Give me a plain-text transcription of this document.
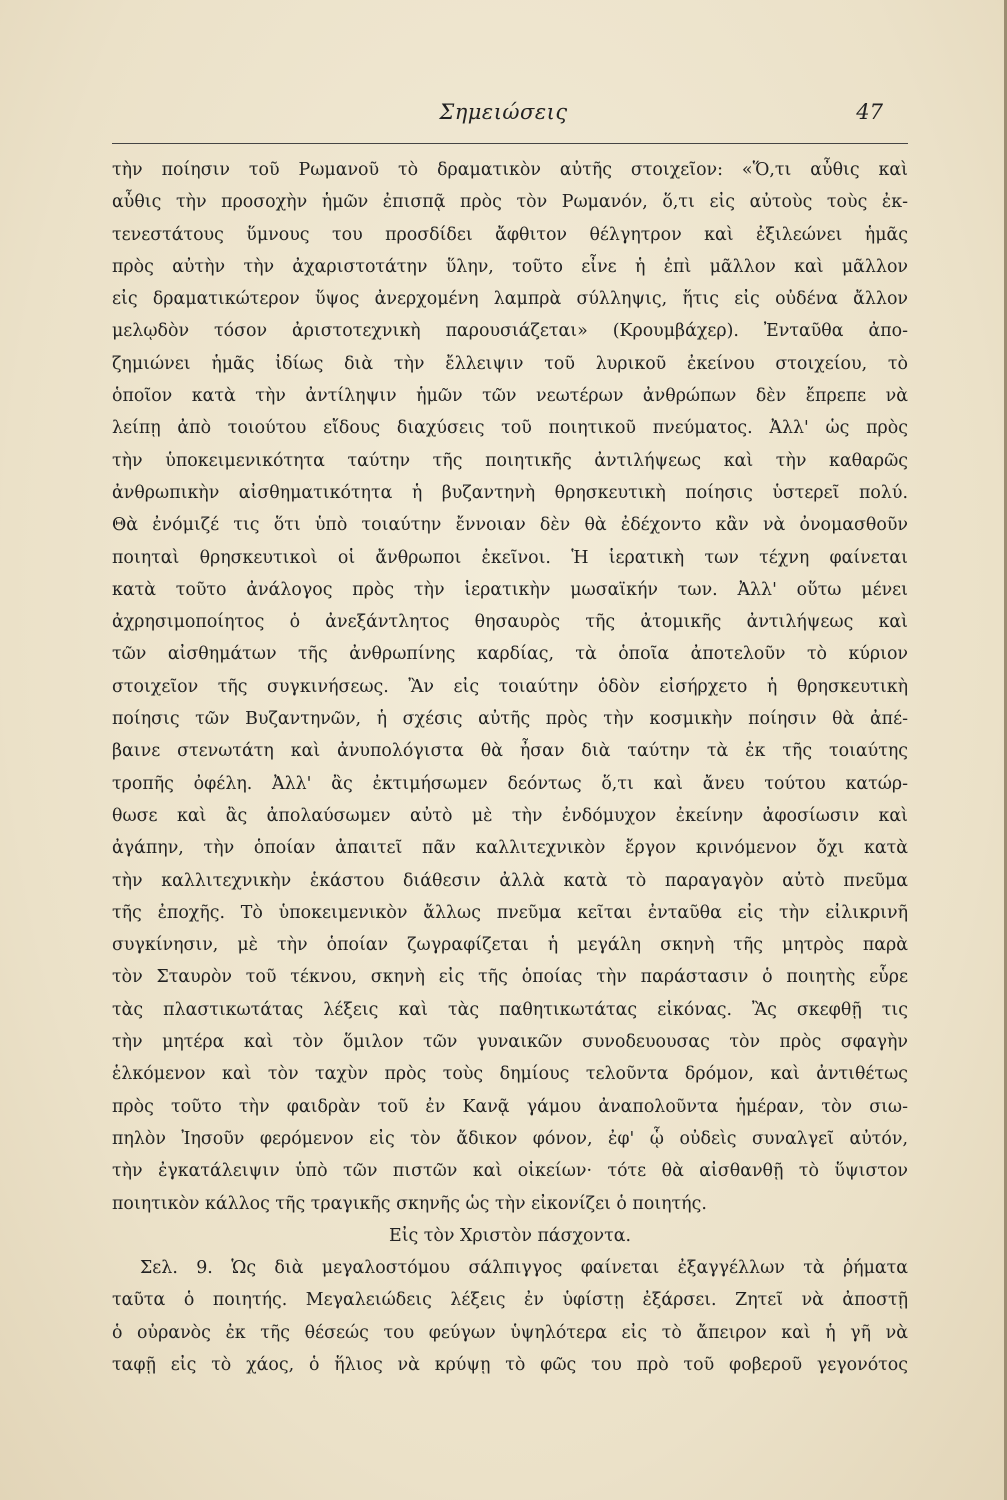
Σημειώσεις	47
τὴν ποίησιν τοῦ Ρωμανοῦ τὸ δραματικὸν αὐτῆς στοιχεῖον: «Ὅ,τι αὖθις καὶ
αὖθις τὴν προσοχὴν ἡμῶν ἐπισπᾷ πρὸς τὸν Ρωμανόν, ὅ,τι εἰς αὐτοὺς τοὺς ἐκ-
τενεστάτους ὕμνους του προσδίδει ἄφθιτον θέλγητρον καὶ ἐξιλεώνει ἡμᾶς
πρὸς αὐτὴν τὴν ἀχαριστοτάτην ὕλην, τοῦτο εἶνε ἡ ἐπὶ μᾶλλον καὶ μᾶλλον
εἰς δραματικώτερον ὕψος ἀνερχομένη λαμπρὰ σύλληψις, ἥτις εἰς οὐδένα ἄλλον
μελῳδὸν τόσον ἀριστοτεχνικὴ παρουσιάζεται» (Κρουμβάχερ). Ἐνταῦθα ἀπο-
ζημιώνει ἡμᾶς ἰδίως διὰ τὴν ἔλλειψιν τοῦ λυρικοῦ ἐκείνου στοιχείου, τὸ
ὁποῖον κατὰ τὴν ἀντίληψιν ἡμῶν τῶν νεωτέρων ἀνθρώπων δὲν ἔπρεπε νὰ
λείπῃ ἀπὸ τοιούτου εἴδους διαχύσεις τοῦ ποιητικοῦ πνεύματος. Ἀλλ' ὡς πρὸς
τὴν ὑποκειμενικότητα ταύτην τῆς ποιητικῆς ἀντιλήψεως καὶ τὴν καθαρῶς
ἀνθρωπικὴν αἰσθηματικότητα ἡ βυζαντηνὴ θρησκευτικὴ ποίησις ὑστερεῖ πολύ.
Θὰ ἐνόμιζέ τις ὅτι ὑπὸ τοιαύτην ἔννοιαν δὲν θὰ ἐδέχοντο κἂν νὰ ὀνομασθοῦν
ποιηταὶ θρησκευτικοὶ οἱ ἄνθρωποι ἐκεῖνοι. Ἡ ἱερατικὴ των τέχνη φαίνεται
κατὰ τοῦτο ἀνάλογος πρὸς τὴν ἱερατικὴν μωσαϊκήν των. Ἀλλ' οὕτω μένει
ἀχρησιμοποίητος ὁ ἀνεξάντλητος θησαυρὸς τῆς ἀτομικῆς ἀντιλήψεως καὶ
τῶν αἰσθημάτων τῆς ἀνθρωπίνης καρδίας, τὰ ὁποῖα ἀποτελοῦν τὸ κύριον
στοιχεῖον τῆς συγκινήσεως. Ἂν εἰς τοιαύτην ὁδὸν εἰσήρχετο ἡ θρησκευτικὴ
ποίησις τῶν Βυζαντηνῶν, ἡ σχέσις αὐτῆς πρὸς τὴν κοσμικὴν ποίησιν θὰ ἀπέ-
βαινε στενωτάτη καὶ ἀνυπολόγιστα θὰ ἦσαν διὰ ταύτην τὰ ἐκ τῆς τοιαύτης
τροπῆς ὀφέλη. Ἀλλ' ἂς ἐκτιμήσωμεν δεόντως ὅ,τι καὶ ἄνευ τούτου κατώρ-
θωσε καὶ ἂς ἀπολαύσωμεν αὐτὸ μὲ τὴν ἐνδόμυχον ἐκείνην ἀφοσίωσιν καὶ
ἀγάπην, τὴν ὁποίαν ἀπαιτεῖ πᾶν καλλιτεχνικὸν ἔργον κρινόμενον ὄχι κατὰ
τὴν καλλιτεχνικὴν ἑκάστου διάθεσιν ἀλλὰ κατὰ τὸ παραγαγὸν αὐτὸ πνεῦμα
τῆς ἐποχῆς. Τὸ ὑποκειμενικὸν ἄλλως πνεῦμα κεῖται ἐνταῦθα εἰς τὴν εἰλικρινῆ
συγκίνησιν, μὲ τὴν ὁποίαν ζωγραφίζεται ἡ μεγάλη σκηνὴ τῆς μητρὸς παρὰ
τὸν Σταυρὸν τοῦ τέκνου, σκηνὴ εἰς τῆς ὁποίας τὴν παράστασιν ὁ ποιητὴς εὗρε
τὰς πλαστικωτάτας λέξεις καὶ τὰς παθητικωτάτας εἰκόνας. Ἂς σκεφθῇ τις
τὴν μητέρα καὶ τὸν ὅμιλον τῶν γυναικῶν συνοδευουσας τὸν πρὸς σφαγὴν
ἑλκόμενον καὶ τὸν ταχὺν πρὸς τοὺς δημίους τελοῦντα δρόμον, καὶ ἀντιθέτως
πρὸς τοῦτο τὴν φαιδρὰν τοῦ ἐν Κανᾷ γάμου ἀναπολοῦντα ἡμέραν, τὸν σιω-
πηλὸν Ἰησοῦν φερόμενον εἰς τὸν ἄδικον φόνον, ἐφ' ᾧ οὐδεὶς συναλγεῖ αὐτόν,
τὴν ἐγκατάλειψιν ὑπὸ τῶν πιστῶν καὶ οἰκείων· τότε θὰ αἰσθανθῇ τὸ ὕψιστον
ποιητικὸν κάλλος τῆς τραγικῆς σκηνῆς ὡς τὴν εἰκονίζει ὁ ποιητής.
Εἰς τὸν Χριστὸν πάσχοντα.
Σελ. 9. Ὡς διὰ μεγαλοστόμου σάλπιγγος φαίνεται ἐξαγγέλλων τὰ ῥήματα
ταῦτα ὁ ποιητής. Μεγαλειώδεις λέξεις ἐν ὑφίστῃ ἐξάρσει. Ζητεῖ νὰ ἀποστῇ
ὁ οὐρανὸς ἐκ τῆς θέσεώς του φεύγων ὑψηλότερα εἰς τὸ ἄπειρον καὶ ἡ γῆ νὰ
ταφῇ εἰς τὸ χάος, ὁ ἥλιος νὰ κρύψῃ τὸ φῶς του πρὸ τοῦ φοβεροῦ γεγονότος
